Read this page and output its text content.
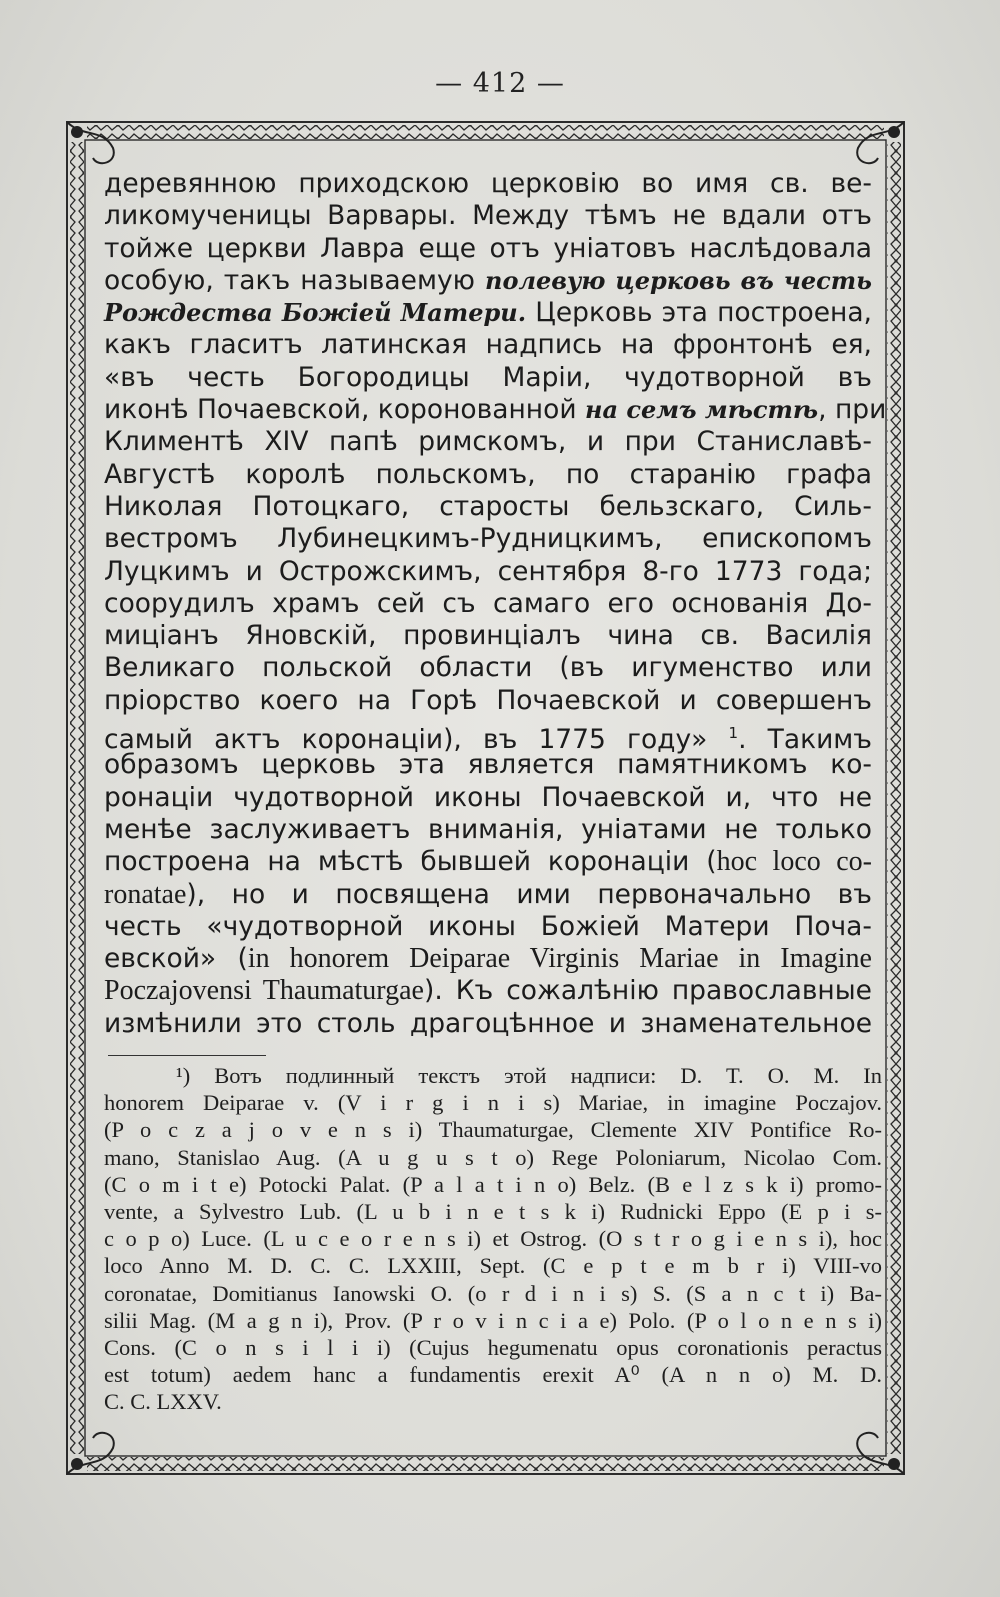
— 412 —
деревянною приходскою церковію во имя св. ве-
ликомученицы Варвары. Между тѣмъ не вдали отъ
тойже церкви Лавра еще отъ уніатовъ наслѣдовала
особую, такъ называемую полевую церковь въ честь
Рождества Божіей Матери. Церковь эта построена,
какъ гласитъ латинская надпись на фронтонѣ ея,
«въ честь Богородицы Маріи, чудотворной въ
иконѣ Почаевской, коронованной на семъ мѣстѣ, при
Климентѣ XIV папѣ римскомъ, и при Станиславѣ-
Августѣ королѣ польскомъ, по старанію графа
Николая Потоцкаго, старосты бельзскаго, Силь-
вестромъ Лубинецкимъ-Рудницкимъ, епископомъ
Луцкимъ и Острожскимъ, сентября 8-го 1773 года;
соорудилъ храмъ сей съ самаго его основанія До-
миціанъ Яновскій, провинціалъ чина св. Василія
Великаго польской области (въ игуменство или
пріорство коего на Горѣ Почаевской и совершенъ
самый актъ коронаціи), въ 1775 году» $^1$. Такимъ
образомъ церковь эта является памятникомъ ко-
ронаціи чудотворной иконы Почаевской и, что не
менѣе заслуживаетъ вниманія, уніатами не только
построена на мѣстѣ бывшей коронаціи (hoc loco co-
ronatae), но и посвящена ими первоначально въ
честь «чудотворной иконы Божіей Матери Поча-
евской» (in honorem Deiparae Virginis Mariae in Imagine
Poczajovensi Thaumaturgae). Къ сожалѣнію православные
измѣнили это столь драгоцѣнное и знаменательное
¹) Вотъ подлинный текстъ этой надписи: D. T. O. M. In
honorem Deiparae v. (V i r g i n i s) Mariae, in imagine Poczajov.
(P o c z a j o v e n s i) Thaumaturgae, Clemente XIV Pontifice Ro-
mano, Stanislao Aug. (A u g u s t o) Rege Poloniarum, Nicolao Com.
(C o m i t e) Potocki Palat. (P a l a t i n o) Belz. (B e l z s k i) promo-
vente, a Sylvestro Lub. (L u b i n e t s k i) Rudnicki Eppo (E p i s-
c o p o) Luce. (L u c e o r e n s i) et Ostrog. (O s t r o g i e n s i), hoc
loco Anno M. D. C. C. LXXIII, Sept. (C e p t e m b r i) VIII-vo
coronatae, Domitianus Ianowski O. (o r d i n i s) S. (S a n c t i) Ba-
silii Mag. (M a g n i), Prov. (P r o v i n c i a e) Polo. (P o l o n e n s i)
Cons. (C o n s i l i i) (Cujus hegumenatu opus coronationis peractus
est totum) aedem hanc a fundamentis erexit A⁰ (A n n o) M. D.
C. C. LXXV.
